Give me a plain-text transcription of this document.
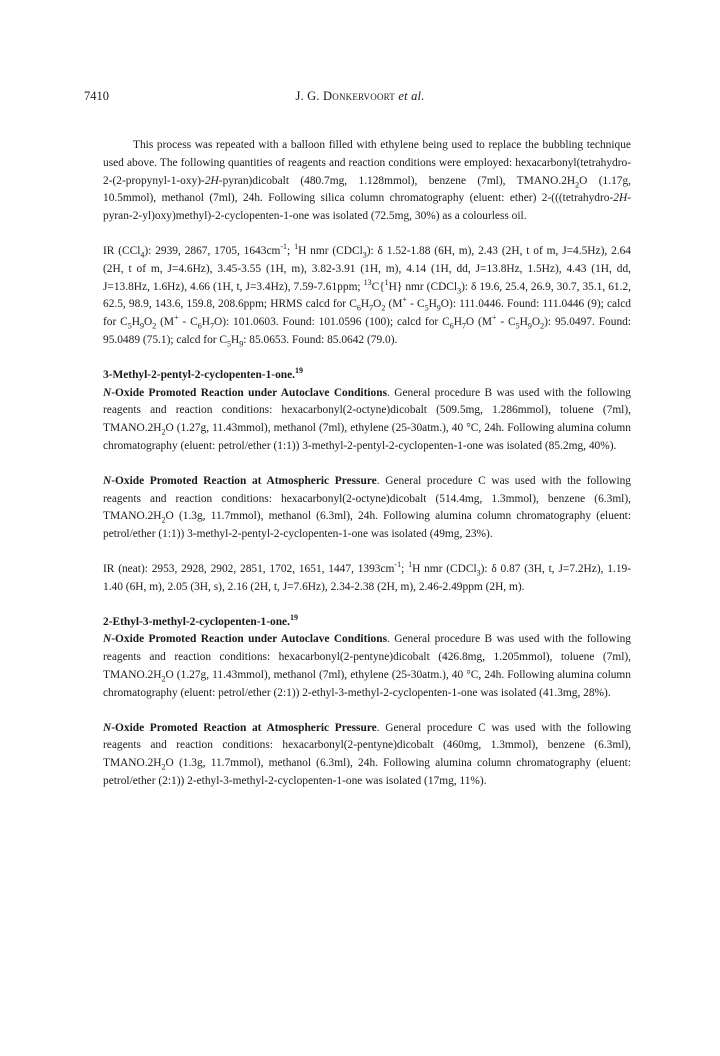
7410	J. G. Donkervoort et al.

This process was repeated with a balloon filled with ethylene being used to replace the bubbling technique used above. The following quantities of reagents and reaction conditions were employed: hexacarbonyl(tetrahydro-2-(2-propynyl-1-oxy)-2H-pyran)dicobalt (480.7mg, 1.128mmol), benzene (7ml), $TMANO.2H_2O$ (1.17g, 10.5mmol), methanol (7ml), 24h. Following silica column chromatography (eluent: ether) 2-(((tetrahydro-2H-pyran-2-yl)oxy)methyl)-2-cyclopenten-1-one was isolated (72.5mg, 30%) as a colourless oil.

IR (CCl$_4$): 2939, 2867, 1705, $1643cm^{-1}$; $^1$H nmr (CDCl$_3$): δ 1.52-1.88 (6H, m), 2.43 (2H, t of m, J=4.5Hz), 2.64 (2H, t of m, J=4.6Hz), 3.45-3.55 (1H, m), 3.82-3.91 (1H, m), 4.14 (1H, dd, J=13.8Hz, 1.5Hz), 4.43 (1H, dd, J=13.8Hz, 1.6Hz), 4.66 (1H, t, J=3.4Hz), 7.59-7.61ppm; $^{13}$C{$^1$H} nmr (CDCl$_3$): δ 19.6, 25.4, 26.9, 30.7, 35.1, 61.2, 62.5, 98.9, 143.6, 159.8, 208.6ppm; HRMS calcd for $C_6H_7O_2$ $(M^+ - C_5H_9O)$: 111.0446. Found: 111.0446 (9); calcd for $C_5H_9O_2$ $(M^+ - C_6H_7O)$: 101.0603. Found: 101.0596 (100); calcd for $C_6H_7O$ $(M^+ - C_5H_9O_2)$: 95.0497. Found: 95.0489 (75.1); calcd for $C_5H_9$: 85.0653. Found: 85.0642 (79.0).

3-Methyl-2-pentyl-2-cyclopenten-1-one.$^{19}$

N-Oxide Promoted Reaction under Autoclave Conditions. General procedure B was used with the following reagents and reaction conditions: hexacarbonyl(2-octyne)dicobalt (509.5mg, 1.286mmol), toluene (7ml), $TMANO.2H_2O$ (1.27g, 11.43mmol), methanol (7ml), ethylene (25-30atm.), 40 °C, 24h. Following alumina column chromatography (eluent: petrol/ether (1:1)) 3-methyl-2-pentyl-2-cyclopenten-1-one was isolated (85.2mg, 40%).

N-Oxide Promoted Reaction at Atmospheric Pressure. General procedure C was used with the following reagents and reaction conditions: hexacarbonyl(2-octyne)dicobalt (514.4mg, 1.3mmol), benzene (6.3ml), $TMANO.2H_2O$ (1.3g, 11.7mmol), methanol (6.3ml), 24h. Following alumina column chromatography (eluent: petrol/ether (1:1)) 3-methyl-2-pentyl-2-cyclopenten-1-one was isolated (49mg, 23%).

IR (neat): 2953, 2928, 2902, 2851, 1702, 1651, 1447, $1393cm^{-1}$; $^1$H nmr (CDCl$_3$): δ 0.87 (3H, t, J=7.2Hz), 1.19-1.40 (6H, m), 2.05 (3H, s), 2.16 (2H, t, J=7.6Hz), 2.34-2.38 (2H, m), 2.46-2.49ppm (2H, m).

2-Ethyl-3-methyl-2-cyclopenten-1-one.$^{19}$

N-Oxide Promoted Reaction under Autoclave Conditions. General procedure B was used with the following reagents and reaction conditions: hexacarbonyl(2-pentyne)dicobalt (426.8mg, 1.205mmol), toluene (7ml), $TMANO.2H_2O$ (1.27g, 11.43mmol), methanol (7ml), ethylene (25-30atm.), 40 °C, 24h. Following alumina column chromatography (eluent: petrol/ether (2:1)) 2-ethyl-3-methyl-2-cyclopenten-1-one was isolated (41.3mg, 28%).

N-Oxide Promoted Reaction at Atmospheric Pressure. General procedure C was used with the following reagents and reaction conditions: hexacarbonyl(2-pentyne)dicobalt (460mg, 1.3mmol), benzene (6.3ml), $TMANO.2H_2O$ (1.3g, 11.7mmol), methanol (6.3ml), 24h. Following alumina column chromatography (eluent: petrol/ether (2:1)) 2-ethyl-3-methyl-2-cyclopenten-1-one was isolated (17mg, 11%).
